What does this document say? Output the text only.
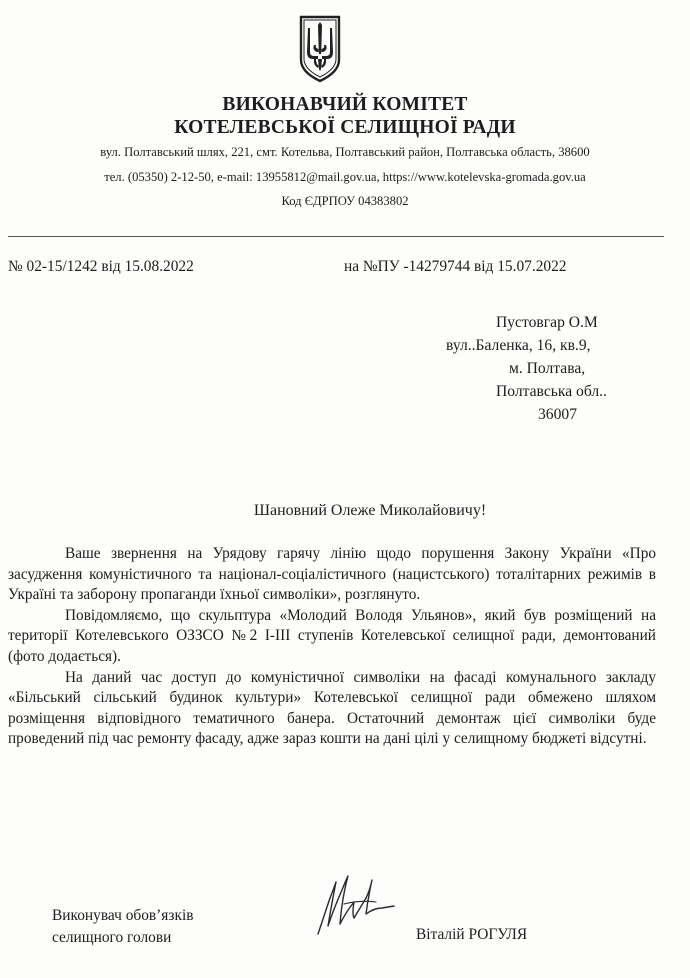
ВИКОНАВЧИЙ КОМІТЕТ
КОТЕЛЕВСЬКОЇ СЕЛИЩНОЇ РАДИ
вул. Полтавський шлях, 221, смт. Котельва, Полтавський район, Полтавська область, 38600
тел. (05350) 2-12-50, e-mail: 13955812@mail.gov.ua, https://www.kotelevska-gromada.gov.ua
Код ЄДРПОУ 04383802
№ 02-15/1242 від 15.08.2022	на №ПУ -14279744 від 15.07.2022
Пустовгар О.М
вул..Баленка, 16, кв.9,
м. Полтава,
Полтавська обл..
36007
Шановний Олеже Миколайовичу!

Ваше звернення на Урядову гарячу лінію щодо порушення Закону України «Про засудження комуністичного та націонал-соціалістичного (нацистського) тоталітарних режимів в Україні та заборону пропаганди їхньої символіки», розглянуто.

Повідомляємо, що скульптура «Молодий Володя Ульянов», який був розміщений на території Котелевського ОЗЗСО №2 І-ІІІ ступенів Котелевської селищної ради, демонтований (фото додається).

На даний час доступ до комуністичної символіки на фасаді комунального закладу «Більський сільський будинок культури» Котелевської селищної ради обмежено шляхом розміщення відповідного тематичного банера. Остаточний демонтаж цієї символіки буде проведений під час ремонту фасаду, адже зараз кошти на дані цілі у селищному бюджеті відсутні.

Виконувач обов’язків
селищного голови	Віталій РОГУЛЯ
